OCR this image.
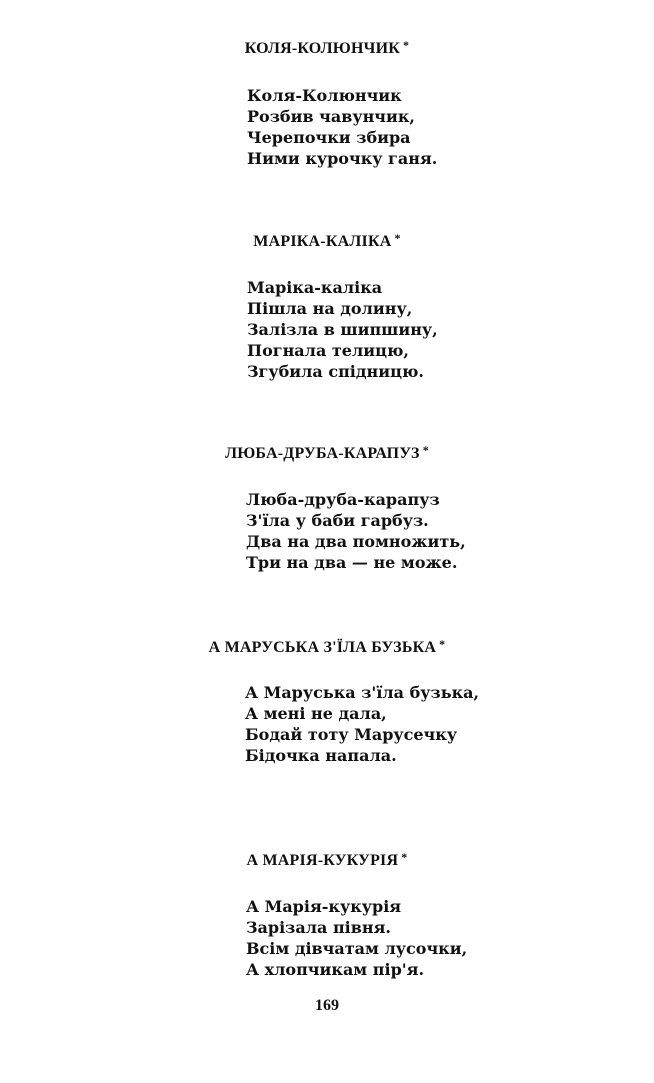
КОЛЯ-КОЛЮНЧИК *
Коля-Колюнчик
Розбив чавунчик,
Черепочки збира
Ними курочку ганя.
МАРІКА-КАЛІКА *
Маріка-каліка
Пішла на долину,
Залізла в шипшину,
Погнала телицю,
Згубила спідницю.
ЛЮБА-ДРУБА-КАРАПУЗ *
Люба-друба-карапуз
З'їла у баби гарбуз.
Два на два помножить,
Три на два — не може.
А МАРУСЬКА З'ЇЛА БУЗЬКА *
А Маруська з'їла бузька,
А мені не дала,
Бодай тоту Марусечку
Бідочка напала.
А МАРІЯ-КУКУРІЯ *
А Марія-кукурія
Зарізала півня.
Всім дівчатам лусочки,
А хлопчикам пір'я.
169
